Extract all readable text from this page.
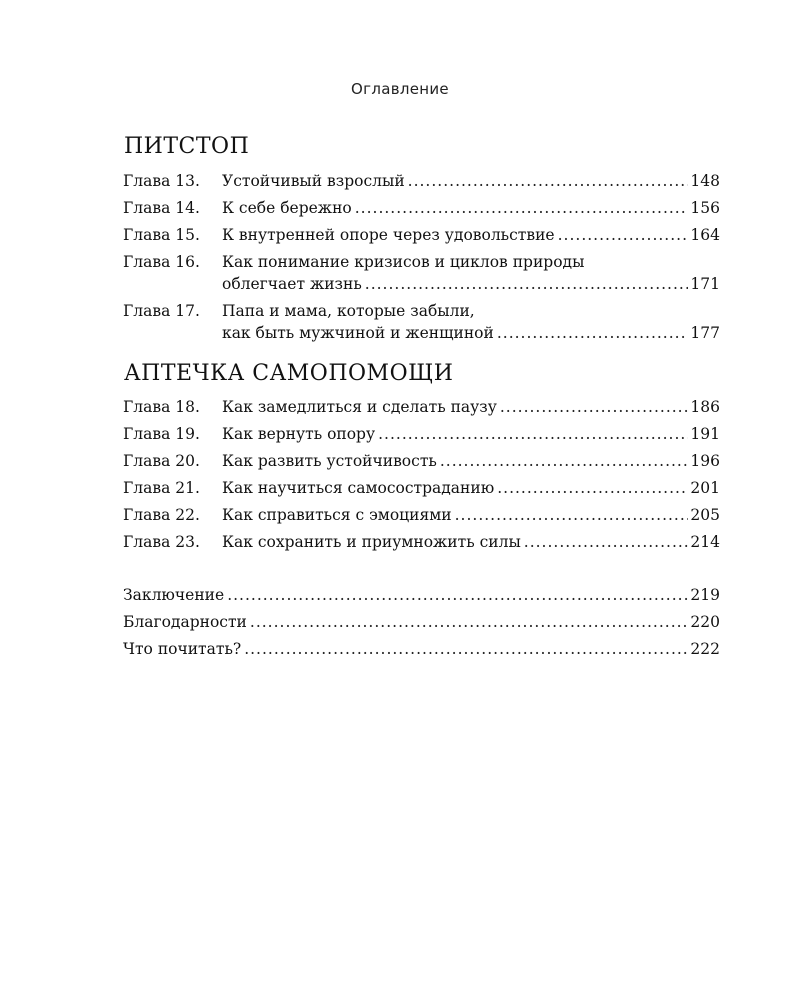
Оглавление
ПИТСТОП
Глава 13.	Устойчивый взрослый .....	148
Глава 14.	К себе бережно .....	156
Глава 15.	К внутренней опоре через удовольствие .....	164
Глава 16. Как понимание кризисов и циклов природы
облегчает жизнь .....	171
Глава 17. Папа и мама, которые забыли,
как быть мужчиной и женщиной .....	177
АПТЕЧКА САМОПОМОЩИ
Глава 18.	Как замедлиться и сделать паузу .....	186
Глава 19.	Как вернуть опору .....	191
Глава 20.	Как развить устойчивость .....	196
Глава 21.	Как научиться самосостраданию .....	201
Глава 22.	Как справиться с эмоциями .....	205
Глава 23.	Как сохранить и приумножить силы .....	214
Заключение .....	219
Благодарности .....	220
Что почитать? .....	222
